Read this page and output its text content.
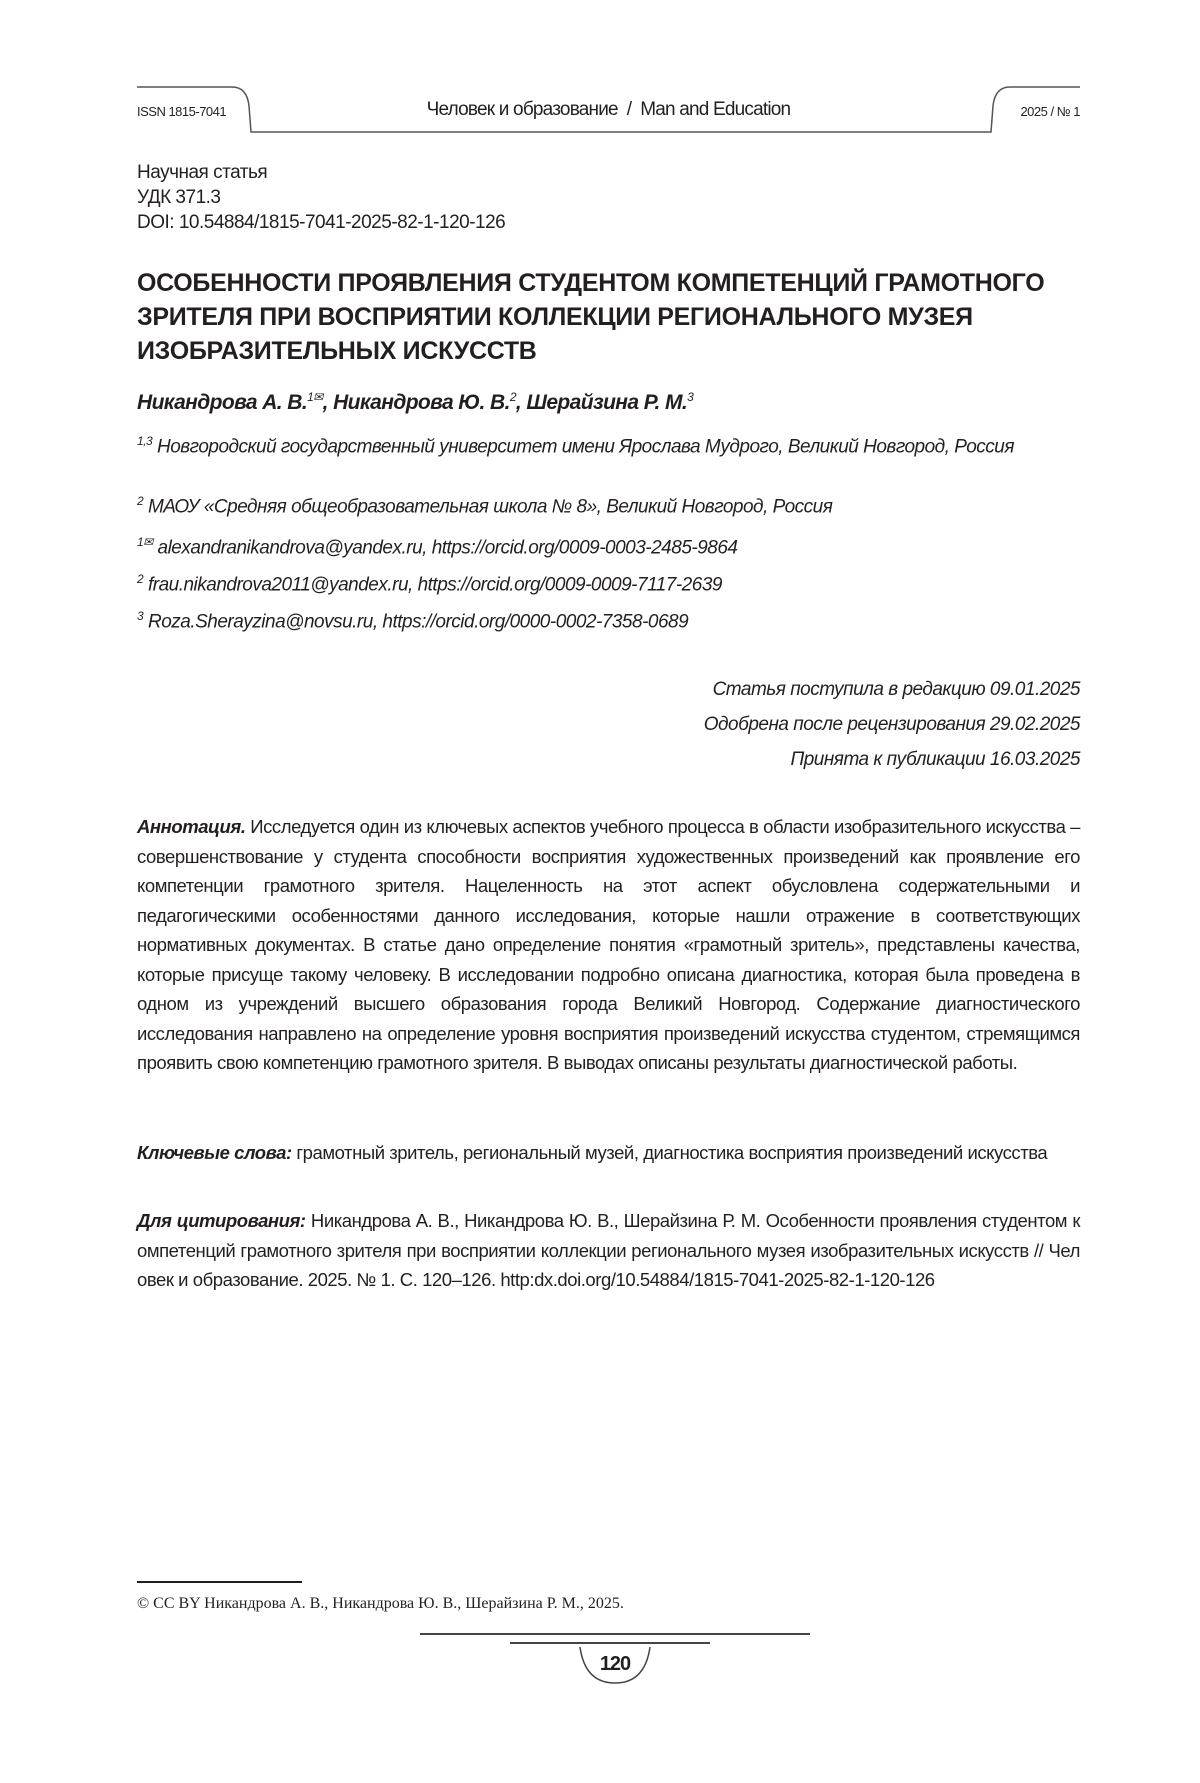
ISSN 1815-7041	Человек и образование  /  Man and Education	2025 / № 1
Научная статья
УДК 371.3
DOI: 10.54884/1815-7041-2025-82-1-120-126
ОСОБЕННОСТИ ПРОЯВЛЕНИЯ СТУДЕНТОМ КОМПЕТЕНЦИЙ ГРАМОТНОГО ЗРИТЕЛЯ ПРИ ВОСПРИЯТИИ КОЛЛЕКЦИИ РЕГИОНАЛЬНОГО МУЗЕЯ ИЗОБРАЗИТЕЛЬНЫХ ИСКУССТВ
Никандрова А. В.1✉, Никандрова Ю. В.2, Шерайзина Р. М.3
1,3 Новгородский государственный университет имени Ярослава Мудрого, Великий Новгород, Россия
2 МАОУ «Средняя общеобразовательная школа № 8», Великий Новгород, Россия
1✉ alexandranikandrova@yandex.ru, https://orcid.org/0009-0003-2485-9864
2 frau.nikandrova2011@yandex.ru, https://orcid.org/0009-0009-7117-2639
3 Roza.Sherayzina@novsu.ru, https://orcid.org/0000-0002-7358-0689
Статья поступила в редакцию 09.01.2025
Одобрена после рецензирования 29.02.2025
Принята к публикации 16.03.2025
Аннотация. Исследуется один из ключевых аспектов учебного процесса в области изобразительного искусства – совершенствование у студента способности восприятия художественных произведений как проявление его компетенции грамотного зрителя. Нацеленность на этот аспект обусловлена содержательными и педагогическими особенностями данного исследования, которые нашли отражение в соответствующих нормативных документах. В статье дано определение понятия «грамотный зритель», представлены качества, которые присуще такому человеку. В исследовании подробно описана диагностика, которая была проведена в одном из учреждений высшего образования города Великий Новгород. Содержание диагностического исследования направлено на определение уровня восприятия произведений искусства студентом, стремящимся проявить свою компетенцию грамотного зрителя. В выводах описаны результаты диагностической работы.
Ключевые слова: грамотный зритель, региональный музей, диагностика восприятия произведений искусства
Для цитирования: Никандрова А. В., Никандрова Ю. В., Шерайзина Р. М. Особенности проявления студентом компетенций грамотного зрителя при восприятии коллекции регионального музея изобразительных искусств // Человек и образование. 2025. № 1. С. 120–126. http:dx.doi.org/10.54884/1815-7041-2025-82-1-120-126
© CC BY Никандрова А. В., Никандрова Ю. В., Шерайзина Р. М., 2025.
120
